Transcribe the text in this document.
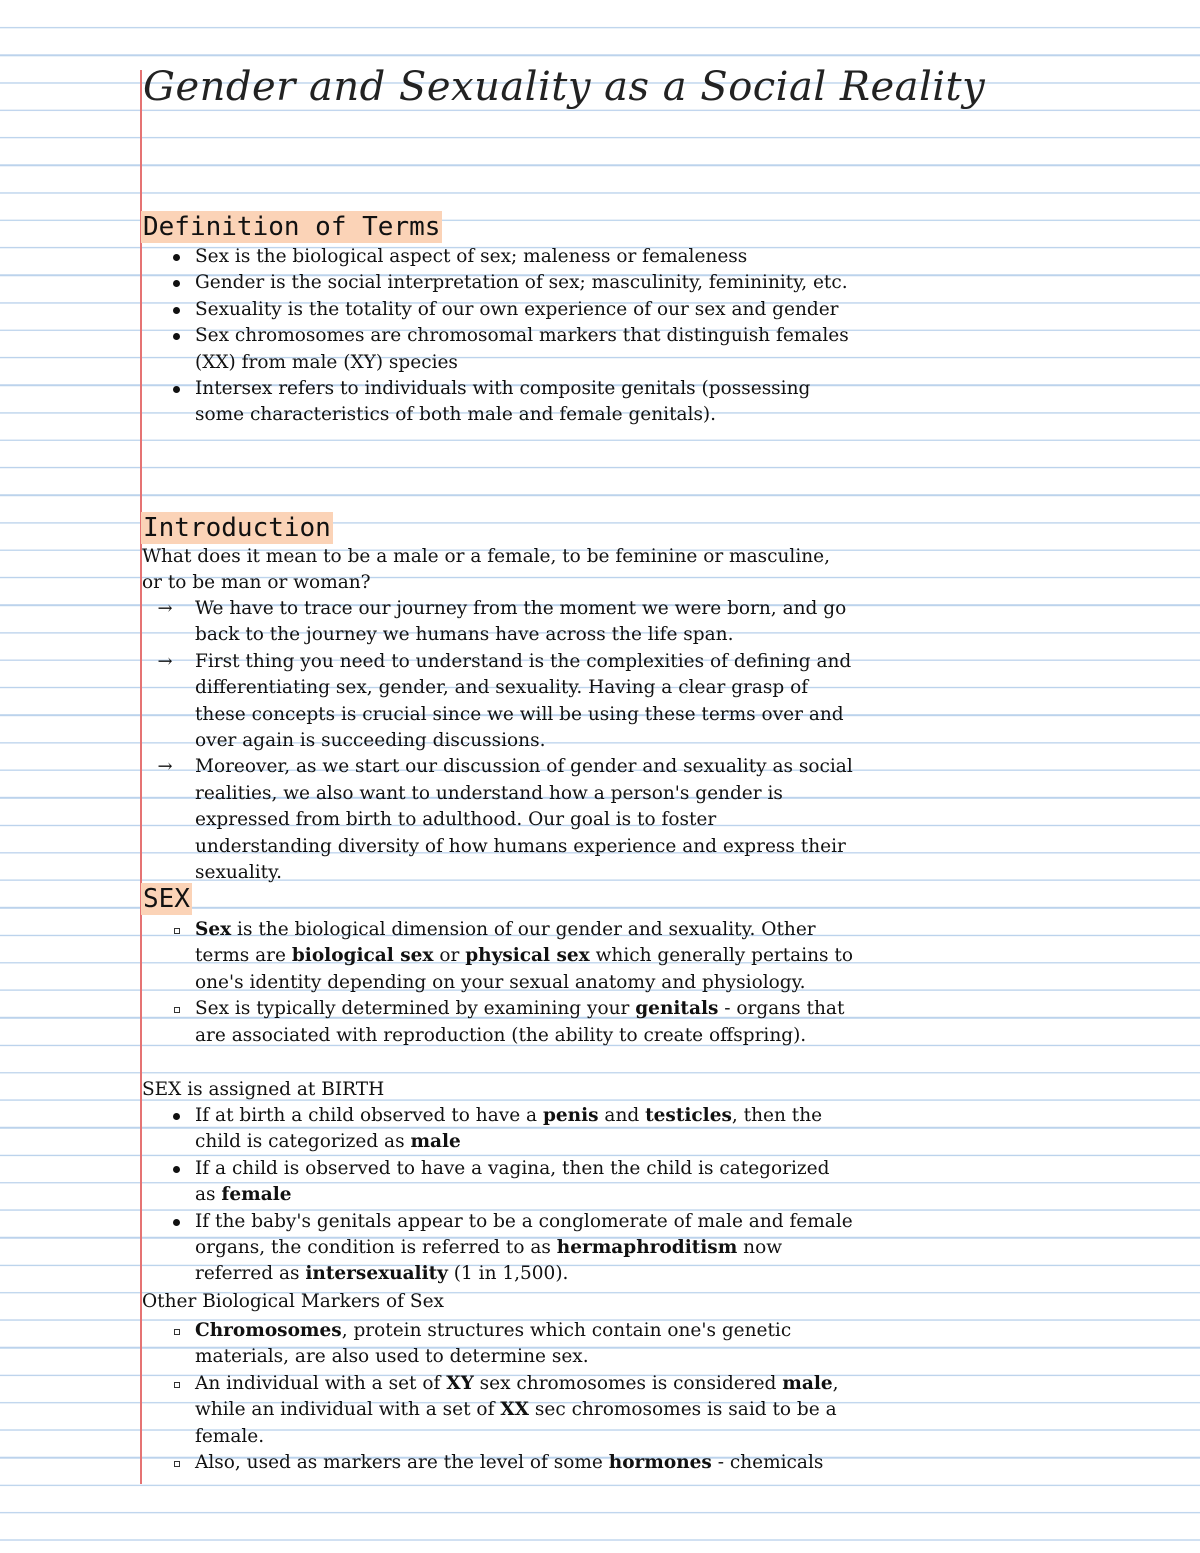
Gender and Sexuality as a Social Reality
Definition of Terms
Sex is the biological aspect of sex; maleness or femaleness
Gender is the social interpretation of sex; masculinity, femininity, etc.
Sexuality is the totality of our own experience of our sex and gender
Sex chromosomes are chromosomal markers that distinguish females (XX) from male (XY) species
Intersex refers to individuals with composite genitals (possessing some characteristics of both male and female genitals).
Introduction

What does it mean to be a male or a female, to be feminine or masculine, or to be man or woman?

→ We have to trace our journey from the moment we were born, and go back to the journey we humans have across the life span.
→ First thing you need to understand is the complexities of defining and differentiating sex, gender, and sexuality. Having a clear grasp of these concepts is crucial since we will be using these terms over and over again is succeeding discussions.
→ Moreover, as we start our discussion of gender and sexuality as social realities, we also want to understand how a person's gender is expressed from birth to adulthood. Our goal is to foster understanding diversity of how humans experience and express their sexuality.
SEX
Sex is the biological dimension of our gender and sexuality. Other terms are biological sex or physical sex which generally pertains to one's identity depending on your sexual anatomy and physiology.
Sex is typically determined by examining your genitals - organs that are associated with reproduction (the ability to create offspring).

SEX is assigned at BIRTH

If at birth a child observed to have a penis and testicles, then the child is categorized as male
If a child is observed to have a vagina, then the child is categorized as female
If the baby's genitals appear to be a conglomerate of male and female organs, the condition is referred to as hermaphroditism now referred as intersexuality (1 in 1,500).

Other Biological Markers of Sex

Chromosomes, protein structures which contain one's genetic materials, are also used to determine sex.
An individual with a set of XY sex chromosomes is considered male, while an individual with a set of XX sec chromosomes is said to be a female.
Also, used as markers are the level of some hormones - chemicals
